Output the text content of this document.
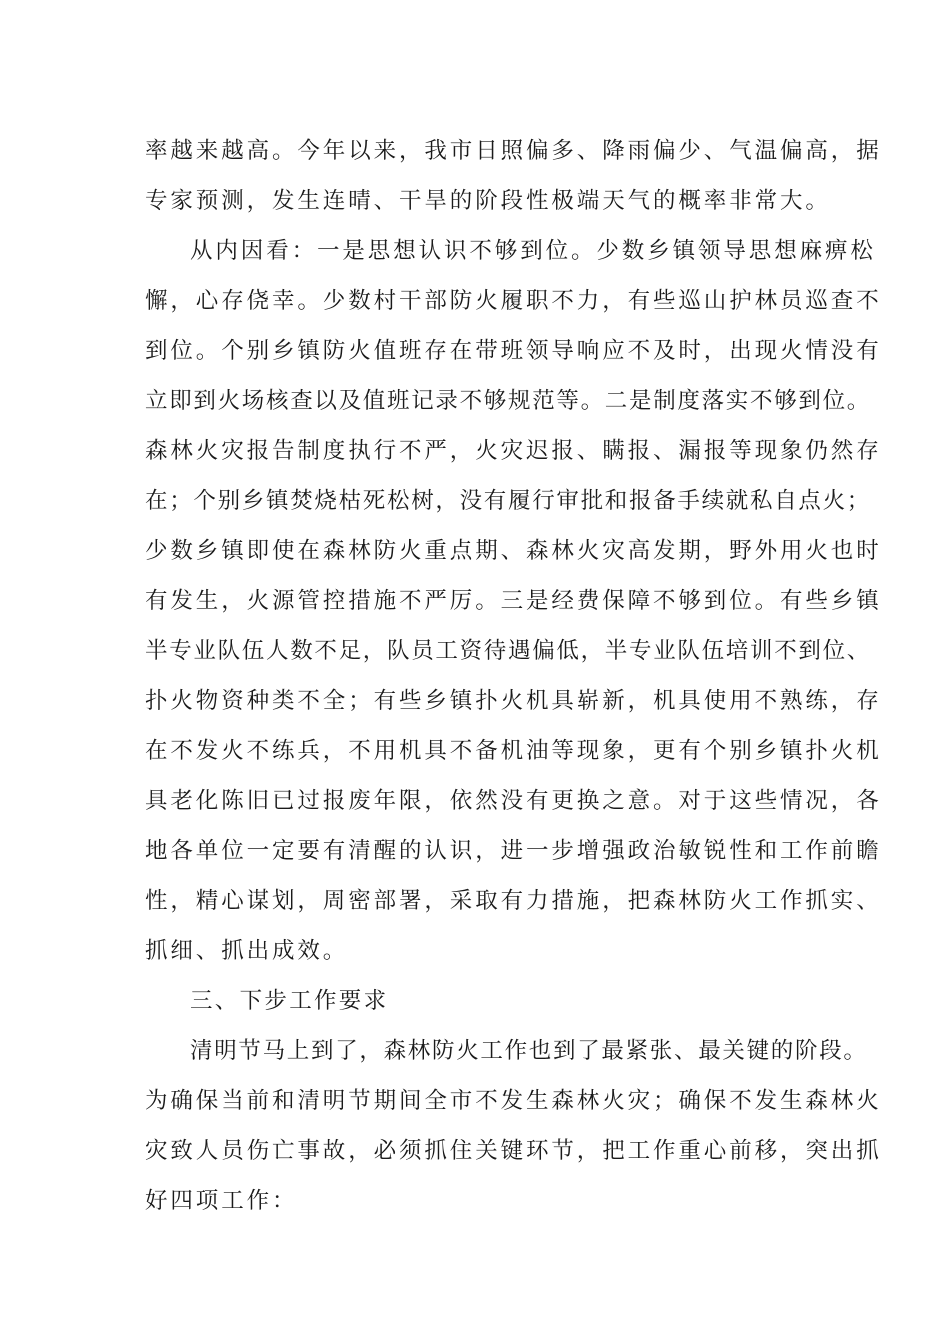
率越来越高。今年以来，我市日照偏多、降雨偏少、气温偏高，据
专家预测，发生连晴、干旱的阶段性极端天气的概率非常大。
从内因看：一是思想认识不够到位。少数乡镇领导思想麻痹松
懈，心存侥幸。少数村干部防火履职不力，有些巡山护林员巡查不
到位。个别乡镇防火值班存在带班领导响应不及时，出现火情没有
立即到火场核查以及值班记录不够规范等。二是制度落实不够到位。
森林火灾报告制度执行不严，火灾迟报、瞒报、漏报等现象仍然存
在；个别乡镇焚烧枯死松树，没有履行审批和报备手续就私自点火；
少数乡镇即使在森林防火重点期、森林火灾高发期，野外用火也时
有发生，火源管控措施不严厉。三是经费保障不够到位。有些乡镇
半专业队伍人数不足，队员工资待遇偏低，半专业队伍培训不到位、
扑火物资种类不全；有些乡镇扑火机具崭新，机具使用不熟练，存
在不发火不练兵，不用机具不备机油等现象，更有个别乡镇扑火机
具老化陈旧已过报废年限，依然没有更换之意。对于这些情况，各
地各单位一定要有清醒的认识，进一步增强政治敏锐性和工作前瞻
性，精心谋划，周密部署，采取有力措施，把森林防火工作抓实、
抓细、抓出成效。
三、下步工作要求
清明节马上到了，森林防火工作也到了最紧张、最关键的阶段。
为确保当前和清明节期间全市不发生森林火灾；确保不发生森林火
灾致人员伤亡事故，必须抓住关键环节，把工作重心前移，突出抓
好四项工作：
